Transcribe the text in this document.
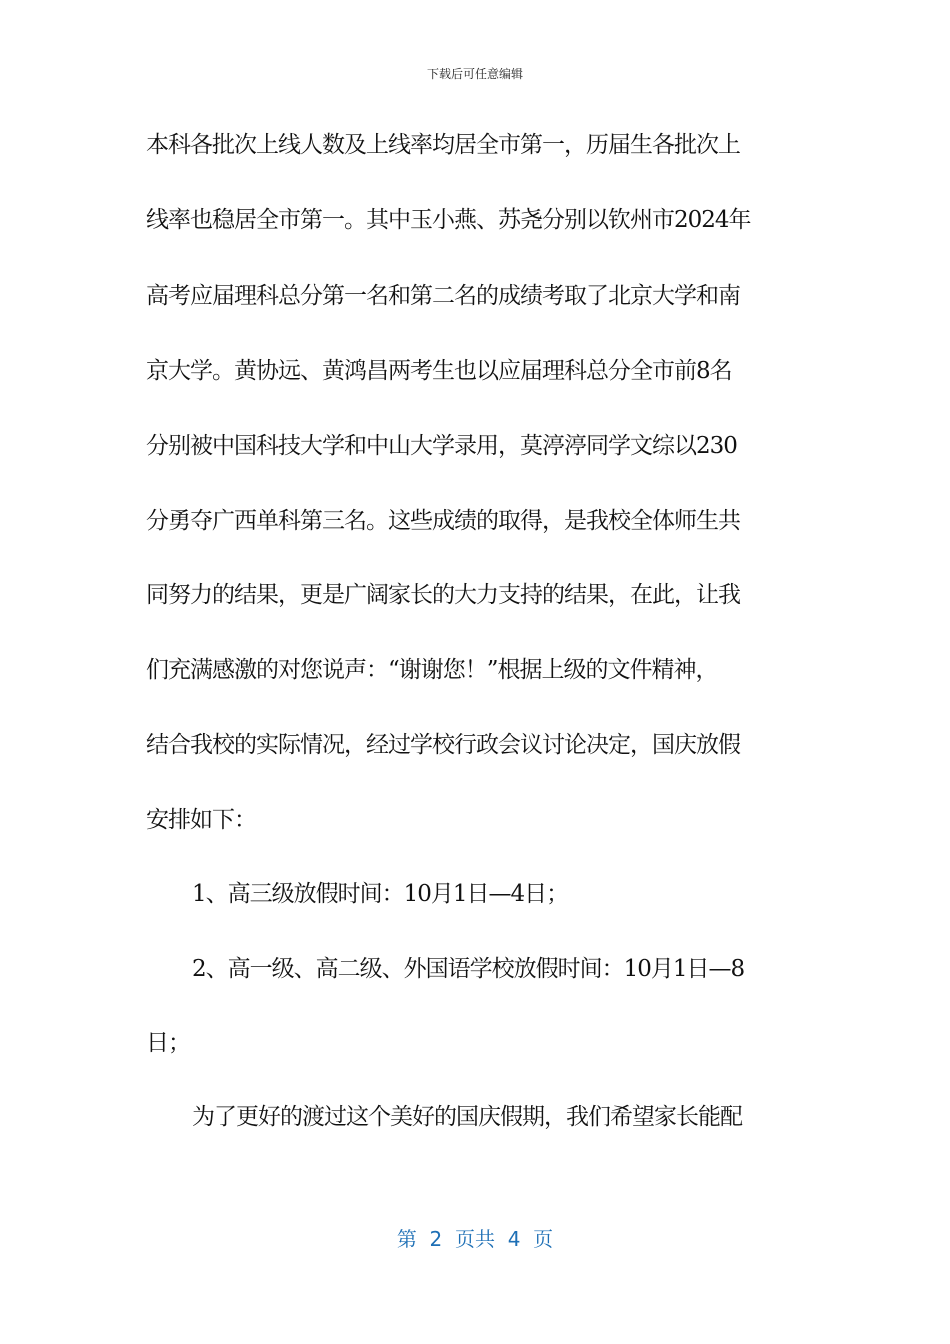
下载后可任意编辑
本科各批次上线人数及上线率均居全市第一，历届生各批次上
线率也稳居全市第一。其中玉小燕、苏尧分别以钦州市2024年
高考应届理科总分第一名和第二名的成绩考取了北京大学和南
京大学。黄协远、黄鸿昌两考生也以应届理科总分全市前8名
分别被中国科技大学和中山大学录用，莫渟渟同学文综以230
分勇夺广西单科第三名。这些成绩的取得，是我校全体师生共
同努力的结果，更是广阔家长的大力支持的结果，在此，让我
们充满感激的对您说声：“谢谢您！”根据上级的文件精神，
结合我校的实际情况，经过学校行政会议讨论决定，国庆放假
安排如下：
1、高三级放假时间：10月1日—4日；
2、高一级、高二级、外国语学校放假时间：10月1日—8
日；
为了更好的渡过这个美好的国庆假期，我们希望家长能配
第  2  页共  4  页
